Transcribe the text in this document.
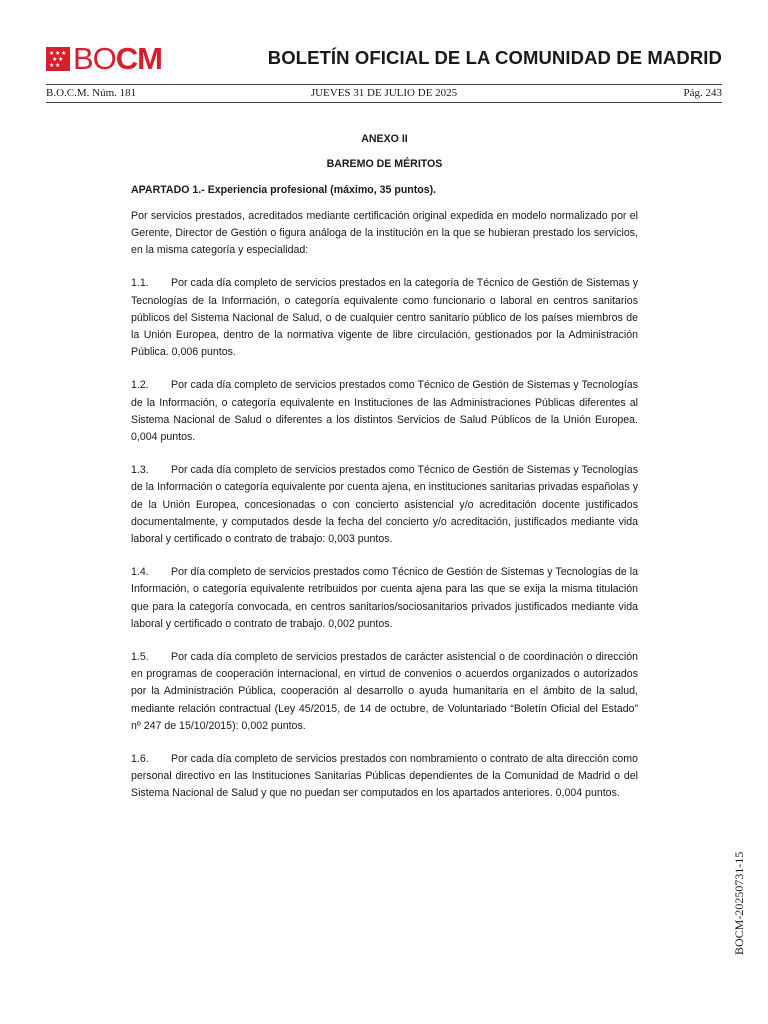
★ ★ ★
★ ★
★ ★ BOCM	BOLETÍN OFICIAL DE LA COMUNIDAD DE MADRID
B.O.C.M. Núm. 181	JUEVES 31 DE JULIO DE 2025	Pág. 243

ANEXO II

BAREMO DE MÉRITOS

APARTADO 1.- Experiencia profesional (máximo, 35 puntos).

Por servicios prestados, acreditados mediante certificación original expedida en modelo normalizado por el Gerente, Director de Gestión o figura análoga de la institución en la que se hubieran prestado los servicios, en la misma categoría y especialidad:

1.1. Por cada día completo de servicios prestados en la categoría de Técnico de Gestión de Sistemas y Tecnologías de la Información, o categoría equivalente como funcionario o laboral en centros sanitarios públicos del Sistema Nacional de Salud, o de cualquier centro sanitario público de los países miembros de la Unión Europea, dentro de la normativa vigente de libre circulación, gestionados por la Administración Pública. 0,006 puntos.

1.2. Por cada día completo de servicios prestados como Técnico de Gestión de Sistemas y Tecnologías de la Información, o categoría equivalente en Instituciones de las Administraciones Públicas diferentes al Sistema Nacional de Salud o diferentes a los distintos Servicios de Salud Públicos de la Unión Europea. 0,004 puntos.

1.3. Por cada día completo de servicios prestados como Técnico de Gestión de Sistemas y Tecnologías de la Información o categoría equivalente por cuenta ajena, en instituciones sanitarias privadas españolas y de la Unión Europea, concesionadas o con concierto asistencial y/o acreditación docente justificados documentalmente, y computados desde la fecha del concierto y/o acreditación, justificados mediante vida laboral y certificado o contrato de trabajo: 0,003 puntos.

1.4. Por día completo de servicios prestados como Técnico de Gestión de Sistemas y Tecnologías de la Información, o categoría equivalente retribuidos por cuenta ajena para las que se exija la misma titulación que para la categoría convocada, en centros sanitarios/sociosanitarios privados justificados mediante vida laboral y certificado o contrato de trabajo. 0,002 puntos.

1.5. Por cada día completo de servicios prestados de carácter asistencial o de coordinación o dirección en programas de cooperación internacional, en virtud de convenios o acuerdos organizados o autorizados por la Administración Pública, cooperación al desarrollo o ayuda humanitaria en el ámbito de la salud, mediante relación contractual (Ley 45/2015, de 14 de octubre, de Voluntariado “Boletín Oficial del Estado” nº 247 de 15/10/2015): 0,002 puntos.

1.6. Por cada día completo de servicios prestados con nombramiento o contrato de alta dirección como personal directivo en las Instituciones Sanitarias Públicas dependientes de la Comunidad de Madrid o del Sistema Nacional de Salud y que no puedan ser computados en los apartados anteriores. 0,004 puntos.

BOCM-20250731-15
